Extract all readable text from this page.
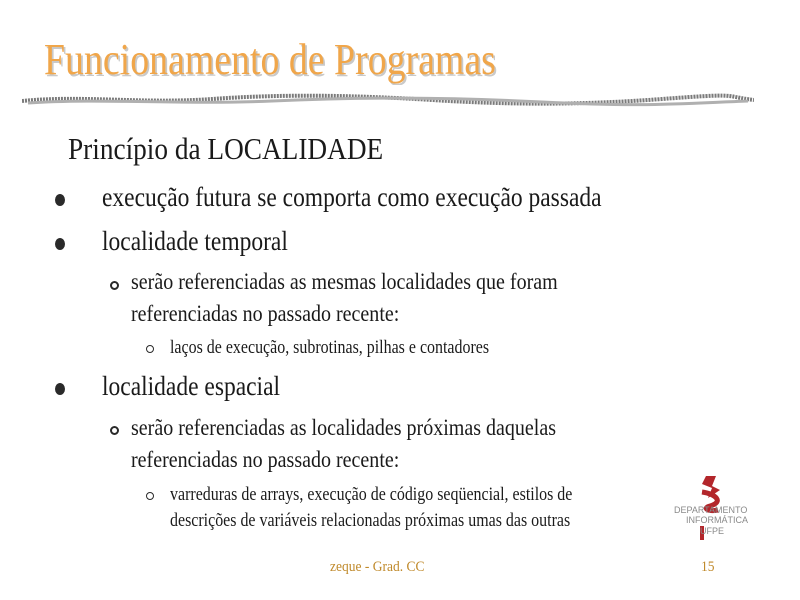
Funcionamento de Programas
Princípio da LOCALIDADE
execução futura se comporta como execução passada
localidade temporal
serão referenciadas as mesmas localidades que foram
referenciadas no passado recente:
laços de execução, subrotinas, pilhas e contadores
localidade espacial
serão referenciadas as localidades próximas daquelas
referenciadas no passado recente:
varreduras de arrays, execução de código seqüencial, estilos de
descrições de variáveis relacionadas próximas umas das outras	DEPARTAMENTO
INFORMÁTICA
UFPE
zeque - Grad. CC	15
